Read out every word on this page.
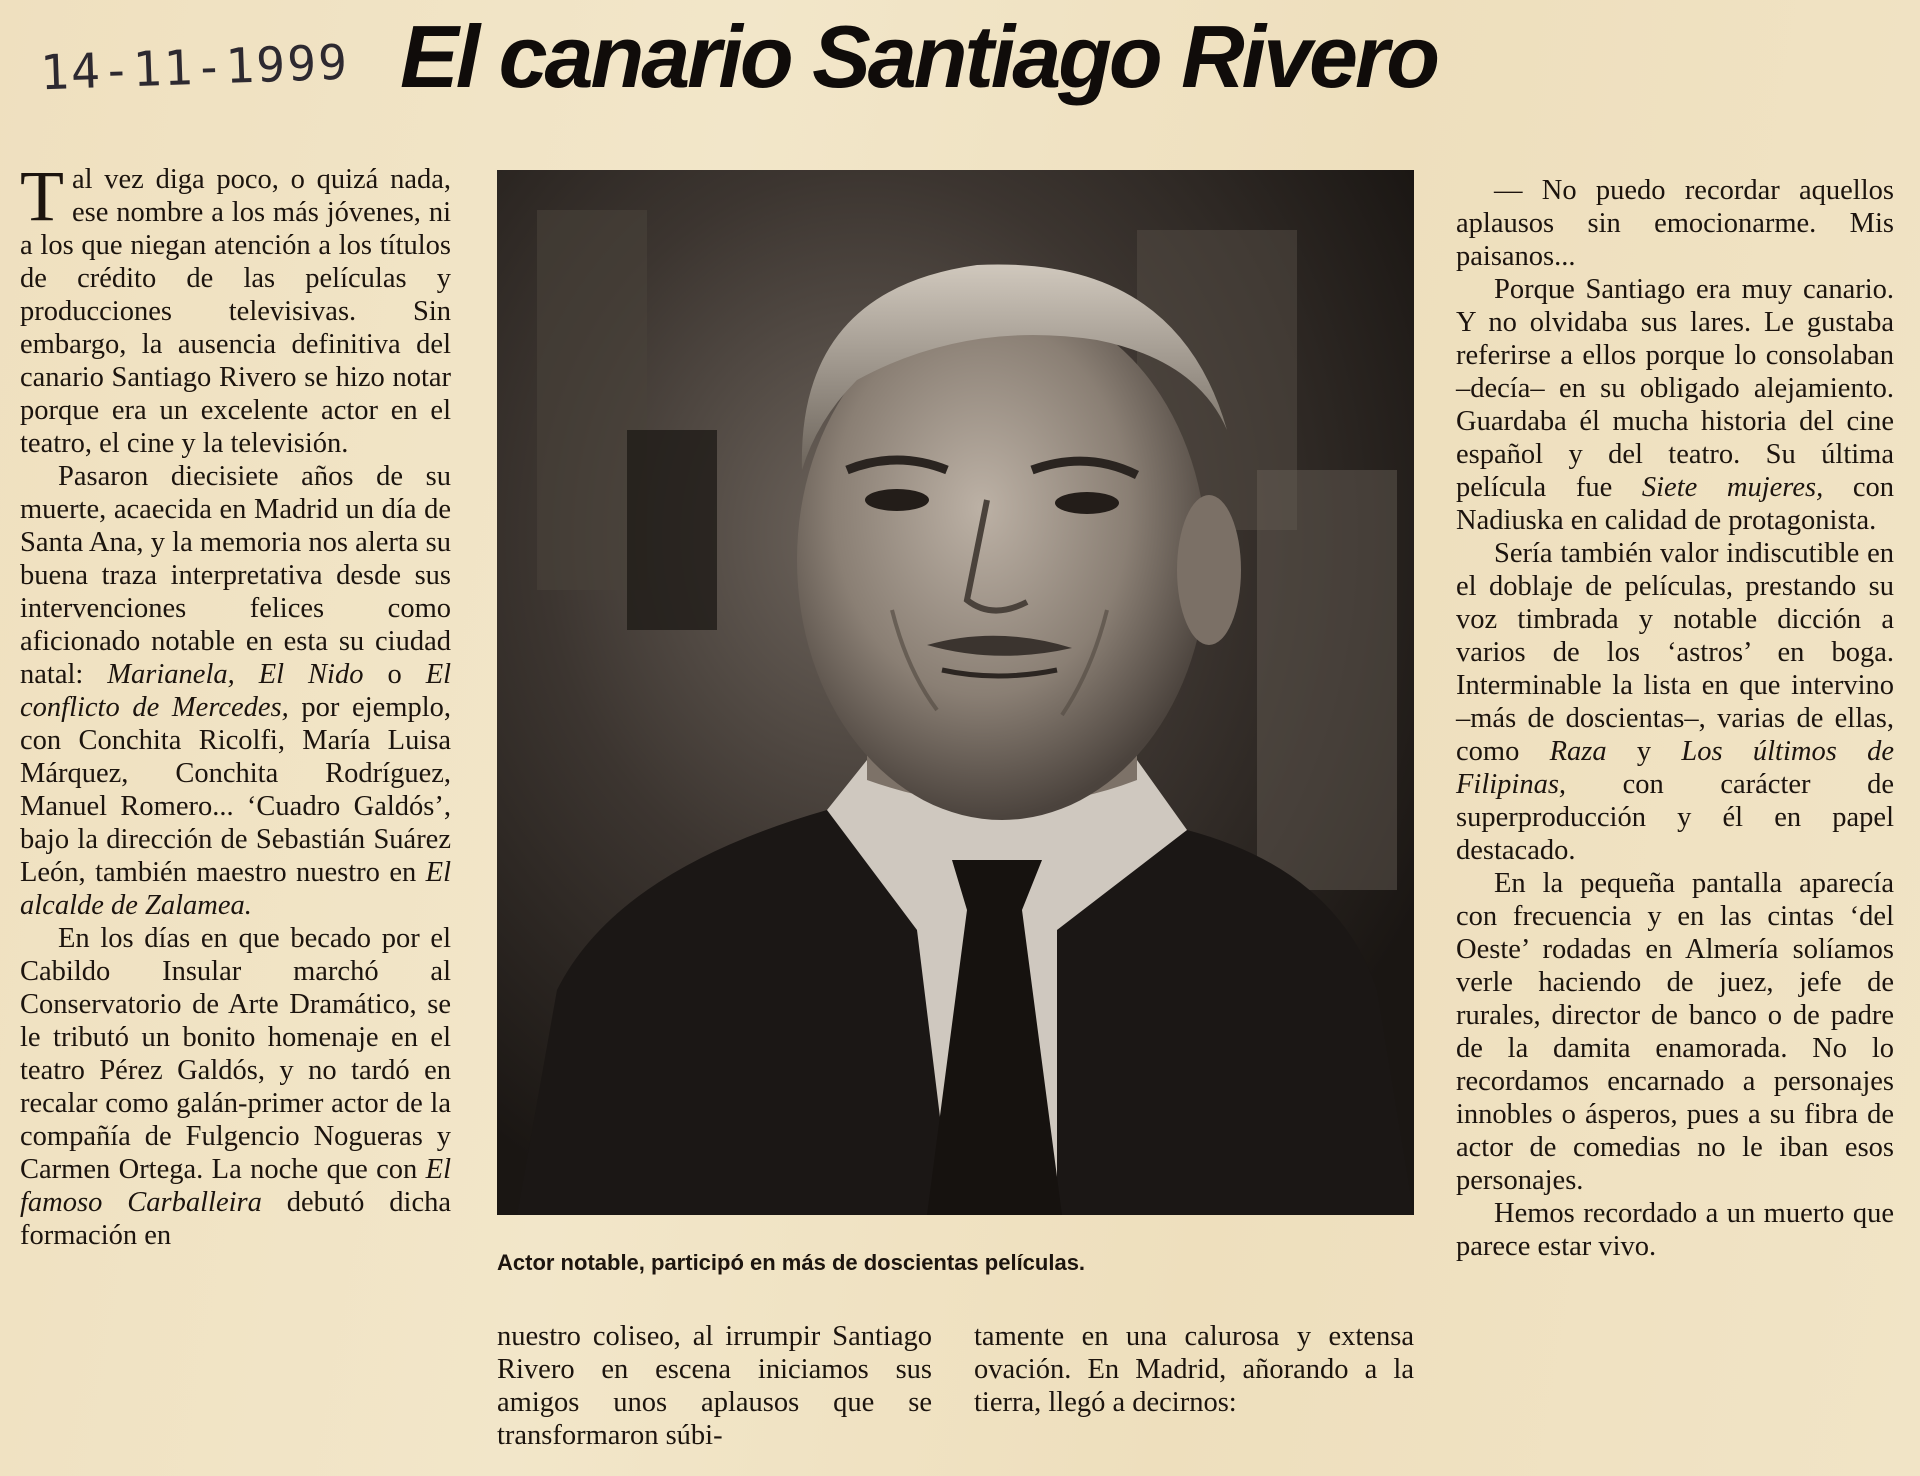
14-11-1999 El canario Santiago Rivero

Tal vez diga poco, o quizá nada, ese nombre a los más jóvenes, ni a los que niegan atención a los títulos de crédito de las películas y producciones televisivas. Sin embargo, la ausencia definitiva del canario Santiago Rivero se hizo notar porque era un excelente actor en el teatro, el cine y la televisión.

Pasaron diecisiete años de su muerte, acaecida en Madrid un día de Santa Ana, y la memoria nos alerta su buena traza interpretativa desde sus intervenciones felices como aficionado notable en esta su ciudad natal: Marianela, El Nido o El conflicto de Mercedes, por ejemplo, con Conchita Ricolfi, María Luisa Márquez, Conchita Rodríguez, Manuel Romero... ‘Cuadro Galdós’, bajo la dirección de Sebastián Suárez León, también maestro nuestro en El alcalde de Zalamea.

En los días en que becado por el Cabildo Insular marchó al Conservatorio de Arte Dramático, se le tributó un bonito homenaje en el teatro Pérez Galdós, y no tardó en recalar como galán-primer actor de la compañía de Fulgencio Nogueras y Carmen Ortega. La noche que con El famoso Carballeira debutó dicha formación en

Actor notable, participó en más de doscientas películas.

nuestro coliseo, al irrumpir Santiago Rivero en escena iniciamos sus amigos unos aplausos que se transformaron súbi-

tamente en una calurosa y extensa ovación. En Madrid, añorando a la tierra, llegó a decirnos:

— No puedo recordar aquellos aplausos sin emocionarme. Mis paisanos...

Porque Santiago era muy canario. Y no olvidaba sus lares. Le gustaba referirse a ellos porque lo consolaban –decía– en su obligado alejamiento. Guardaba él mucha historia del cine español y del teatro. Su última película fue Siete mujeres, con Nadiuska en calidad de protagonista.

Sería también valor indiscutible en el doblaje de películas, prestando su voz timbrada y notable dicción a varios de los ‘astros’ en boga. Interminable la lista en que intervino –más de doscientas–, varias de ellas, como Raza y Los últimos de Filipinas, con carácter de superproducción y él en papel destacado.

En la pequeña pantalla aparecía con frecuencia y en las cintas ‘del Oeste’ rodadas en Almería solíamos verle haciendo de juez, jefe de rurales, director de banco o de padre de la damita enamorada. No lo recordamos encarnado a personajes innobles o ásperos, pues a su fibra de actor de comedias no le iban esos personajes.

Hemos recordado a un muerto que parece estar vivo.
